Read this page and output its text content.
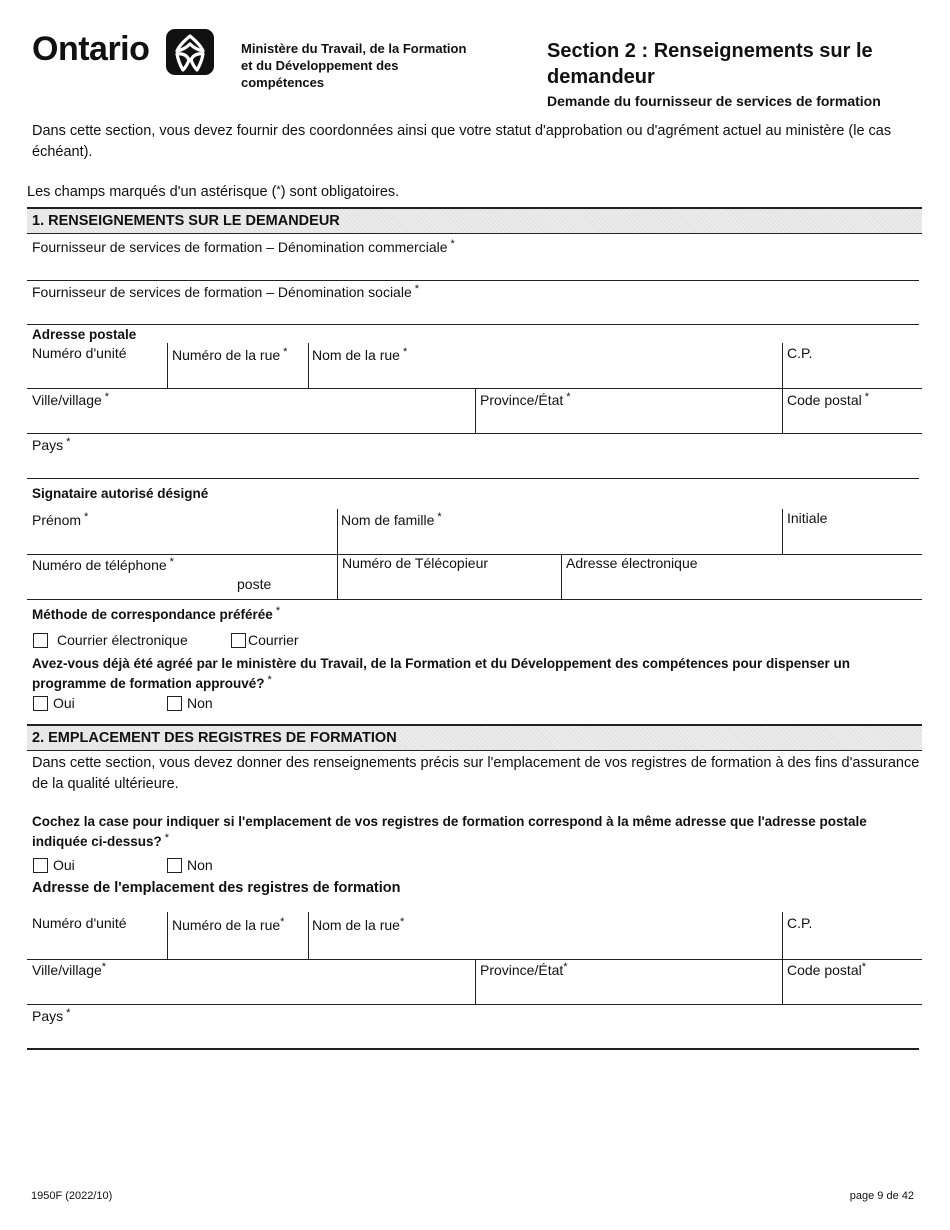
Ontario	Ministère du Travail, de la Formation et du Développement des compétences
Section 2 : Renseignements sur le demandeur
Demande du fournisseur de services de formation
Dans cette section, vous devez fournir des coordonnées ainsi que votre statut d'approbation ou d'agrément actuel au ministère (le cas échéant).
Les champs marqués d'un astérisque (*) sont obligatoires.
1. RENSEIGNEMENTS SUR LE DEMANDEUR
Fournisseur de services de formation – Dénomination commerciale *
Fournisseur de services de formation – Dénomination sociale *
Adresse postale
Numéro d'unité	Numéro de la rue * Nom de la rue *	C.P.
Ville/village *	Province/État *	Code postal *
Pays *
Signataire autorisé désigné
Prénom *	Nom de famille *	Initiale
Numéro de téléphone *
poste
Numéro de Télécopieur	Adresse électronique
Méthode de correspondance préférée *
Courrier électronique	Courrier
Avez-vous déjà été agréé par le ministère du Travail, de la Formation et du Développement des compétences pour dispenser un programme de formation approuvé? *
Oui	Non
2. EMPLACEMENT DES REGISTRES DE FORMATION
Dans cette section, vous devez donner des renseignements précis sur l'emplacement de vos registres de formation à des fins d'assurance de la qualité ultérieure.
Cochez la case pour indiquer si l'emplacement de vos registres de formation correspond à la même adresse que l'adresse postale indiquée ci-dessus? *
Oui	Non
Adresse de l'emplacement des registres de formation
Numéro d'unité	Numéro de la rue* Nom de la rue*	C.P.
Ville/village*	Province/État*	Code postal*
Pays *
1950F (2022/10)	page 9 de 42
